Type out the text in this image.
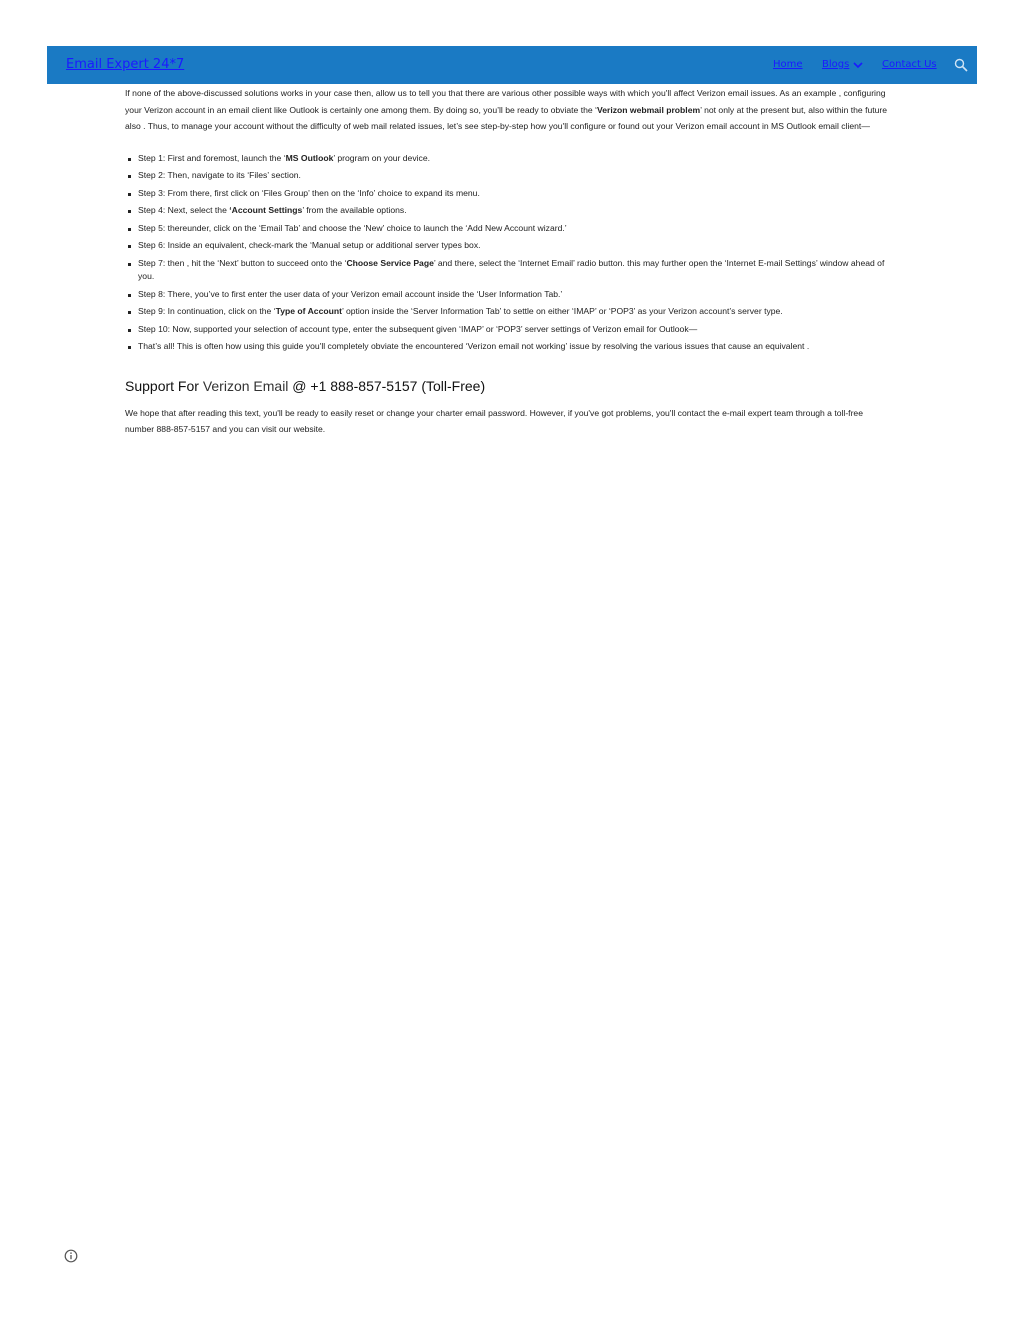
Email Expert 24*7	Home Blogs	Contact Us

If none of the above-discussed solutions works in your case then, allow us to tell you that there are various other possible ways with which you'll affect Verizon email issues. As an example , configuring your Verizon account in an email client like Outlook is certainly one among them. By doing so, you’ll be ready to obviate the ‘Verizon webmail problem’ not only at the present but, also within the future also . Thus, to manage your account without the difficulty of web mail related issues, let’s see step-by-step how you'll configure or found out your Verizon email account in MS Outlook email client—

Step 1: First and foremost, launch the ‘MS Outlook’ program on your device.
Step 2: Then, navigate to its ‘Files’ section.
Step 3: From there, first click on ‘Files Group’ then on the ‘Info’ choice to expand its menu.
Step 4: Next, select the ‘Account Settings’ from the available options.
Step 5: thereunder, click on the ‘Email Tab’ and choose the ‘New’ choice to launch the ‘Add New Account wizard.’
Step 6: Inside an equivalent, check-mark the ‘Manual setup or additional server types box.
Step 7: then , hit the ‘Next’ button to succeed onto the ‘Choose Service Page’ and there, select the ‘Internet Email’ radio button. this may further open the ‘Internet E-mail Settings’ window ahead of you.
Step 8: There, you’ve to first enter the user data of your Verizon email account inside the ‘User Information Tab.’
Step 9: In continuation, click on the ‘Type of Account’ option inside the ‘Server Information Tab’ to settle on either ‘IMAP’ or ‘POP3’ as your Verizon account’s server type.
Step 10: Now, supported your selection of account type, enter the subsequent given ‘IMAP’ or ‘POP3’ server settings of Verizon email for Outlook—
That’s all! This is often how using this guide you'll completely obviate the encountered ‘Verizon email not working’ issue by resolving the various issues that cause an equivalent .
Support For Verizon Email @ +1 888-857-5157 (Toll-Free)

We hope that after reading this text, you'll be ready to easily reset or change your charter email password. However, if you've got problems, you'll contact the e-mail expert team through a toll-free number 888-857-5157 and you can visit our website.
